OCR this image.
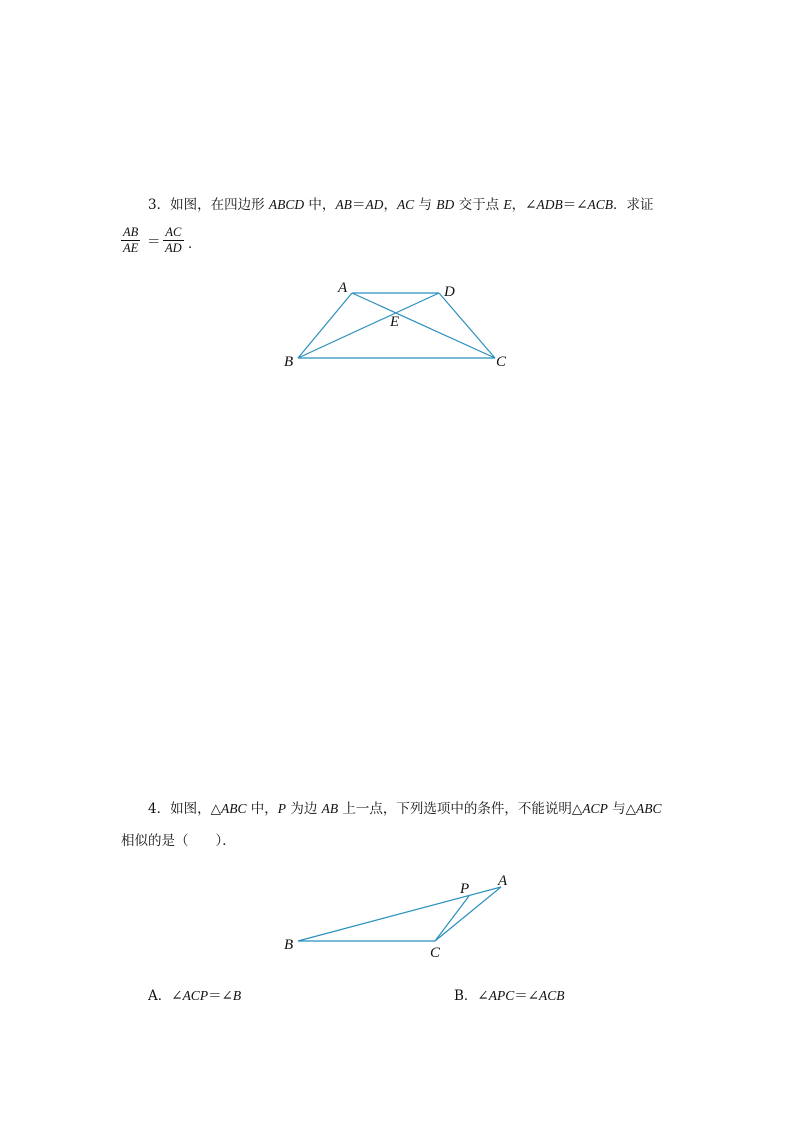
3．如图，在四边形 ABCD 中，AB＝AD，AC 与 BD 交于点 E，∠ADB＝∠ACB．求证
$\frac{AB}{AE} = \frac{AC}{AD}$ ．
A	D
E
B	C
P A
B	C
4．如图，△ABC 中，P 为边 AB 上一点，下列选项中的条件，不能说明△ACP 与△ABC
相似的是（　　）．
A．∠ACP＝∠B	B．∠APC＝∠ACB
